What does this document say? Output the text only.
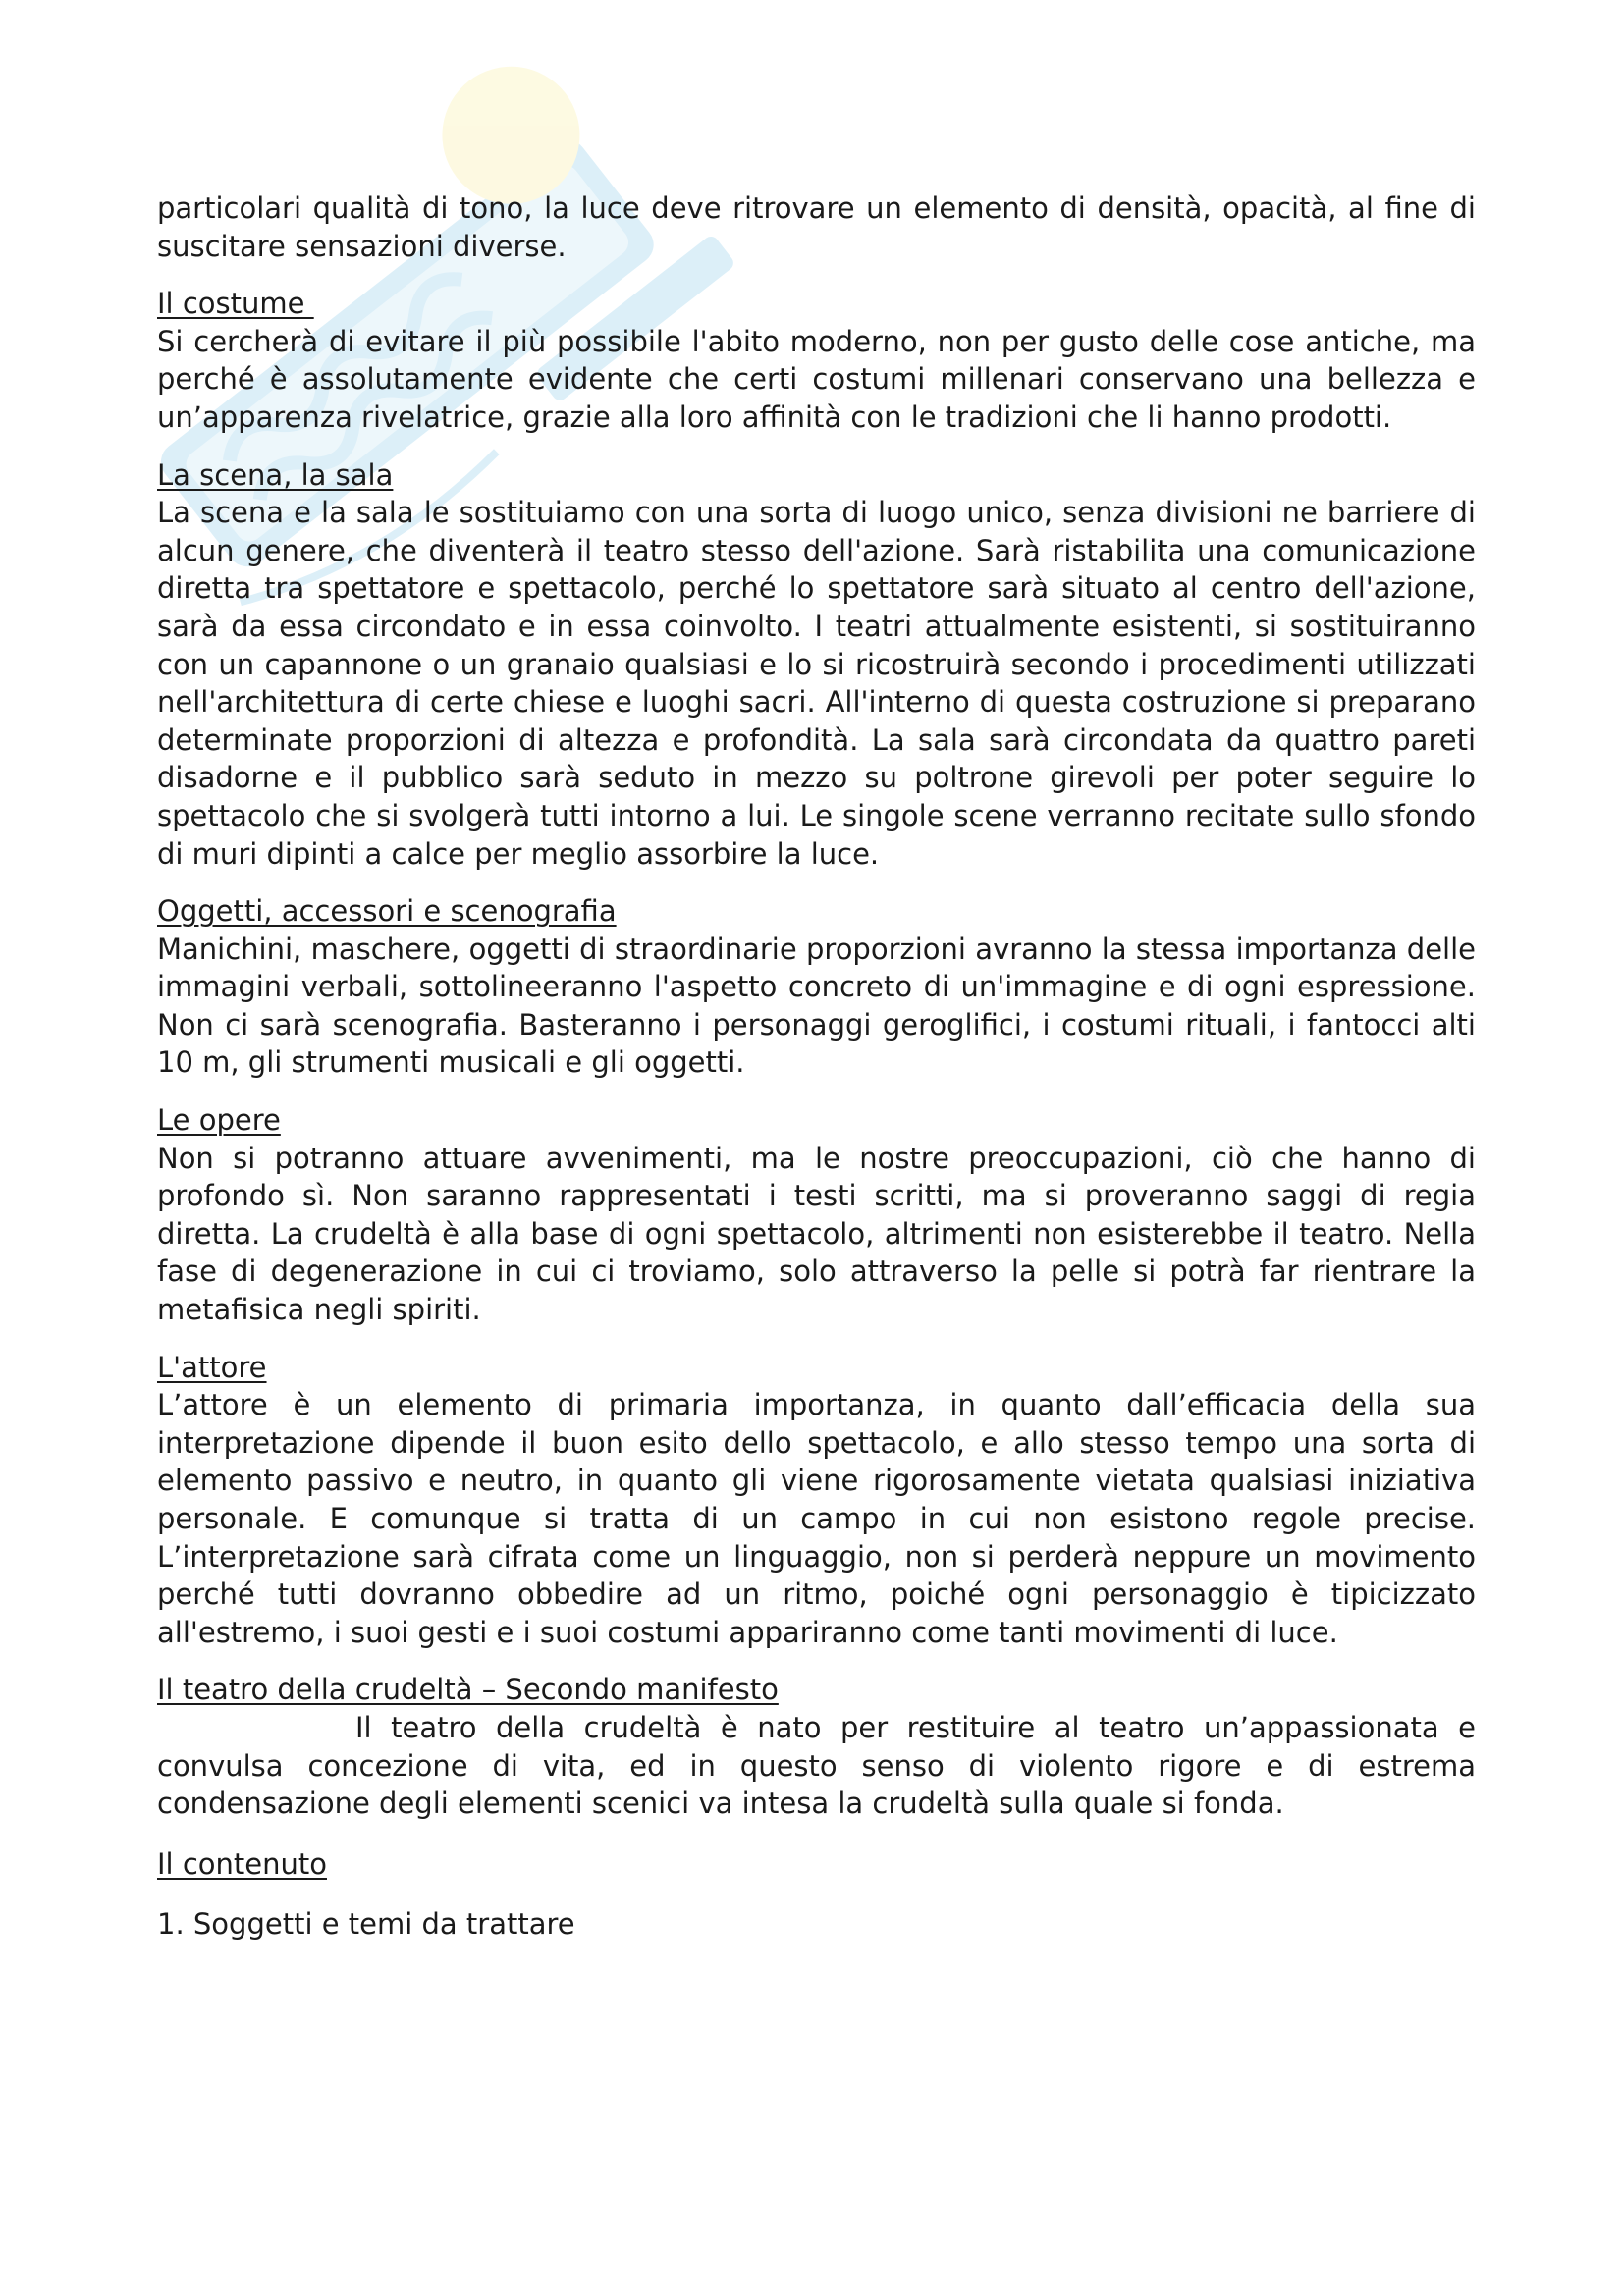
particolari qualità di tono, la luce deve ritrovare un elemento di densità, opacità, al fine di suscitare sensazioni diverse.

Il costume

Si cercherà di evitare il più possibile l'abito moderno, non per gusto delle cose antiche, ma perché è assolutamente evidente che certi costumi millenari conservano una bellezza e un’apparenza rivelatrice, grazie alla loro affinità con le tradizioni che li hanno prodotti.

La scena, la sala

La scena e la sala le sostituiamo con una sorta di luogo unico, senza divisioni ne barriere di alcun genere, che diventerà il teatro stesso dell'azione. Sarà ristabilita una comunicazione diretta tra spettatore e spettacolo, perché lo spettatore sarà situato al centro dell'azione, sarà da essa circondato e in essa coinvolto. I teatri attualmente esistenti, si sostituiranno con un capannone o un granaio qualsiasi e lo si ricostruirà secondo i procedimenti utilizzati nell'architettura di certe chiese e luoghi sacri. All'interno di questa costruzione si preparano determinate proporzioni di altezza e profondità. La sala sarà circondata da quattro pareti disadorne e il pubblico sarà seduto in mezzo su poltrone girevoli per poter seguire lo spettacolo che si svolgerà tutti intorno a lui. Le singole scene verranno recitate sullo sfondo di muri dipinti a calce per meglio assorbire la luce.

Oggetti, accessori e scenografia

Manichini, maschere, oggetti di straordinarie proporzioni avranno la stessa importanza delle immagini verbali, sottolineeranno l'aspetto concreto di un'immagine e di ogni espressione. Non ci sarà scenografia. Basteranno i personaggi geroglifici, i costumi rituali, i fantocci alti 10 m, gli strumenti musicali e gli oggetti.

Le opere

Non si potranno attuare avvenimenti, ma le nostre preoccupazioni, ciò che hanno di profondo sì. Non saranno rappresentati i testi scritti, ma si proveranno saggi di regia diretta. La crudeltà è alla base di ogni spettacolo, altrimenti non esisterebbe il teatro. Nella fase di degenerazione in cui ci troviamo, solo attraverso la pelle si potrà far rientrare la metafisica negli spiriti.

L'attore

L’attore è un elemento di primaria importanza, in quanto dall’efficacia della sua interpretazione dipende il buon esito dello spettacolo, e allo stesso tempo una sorta di elemento passivo e neutro, in quanto gli viene rigorosamente vietata qualsiasi iniziativa personale. E comunque si tratta di un campo in cui non esistono regole precise. L’interpretazione sarà cifrata come un linguaggio, non si perderà neppure un movimento perché tutti dovranno obbedire ad un ritmo, poiché ogni personaggio è tipicizzato all'estremo, i suoi gesti e i suoi costumi appariranno come tanti movimenti di luce.

Il teatro della crudeltà – Secondo manifesto

Il teatro della crudeltà è nato per restituire al teatro un’appassionata e convulsa concezione di vita, ed in questo senso di violento rigore e di estrema condensazione degli elementi scenici va intesa la crudeltà sulla quale si fonda.

Il contenuto

1. Soggetti e temi da trattare
